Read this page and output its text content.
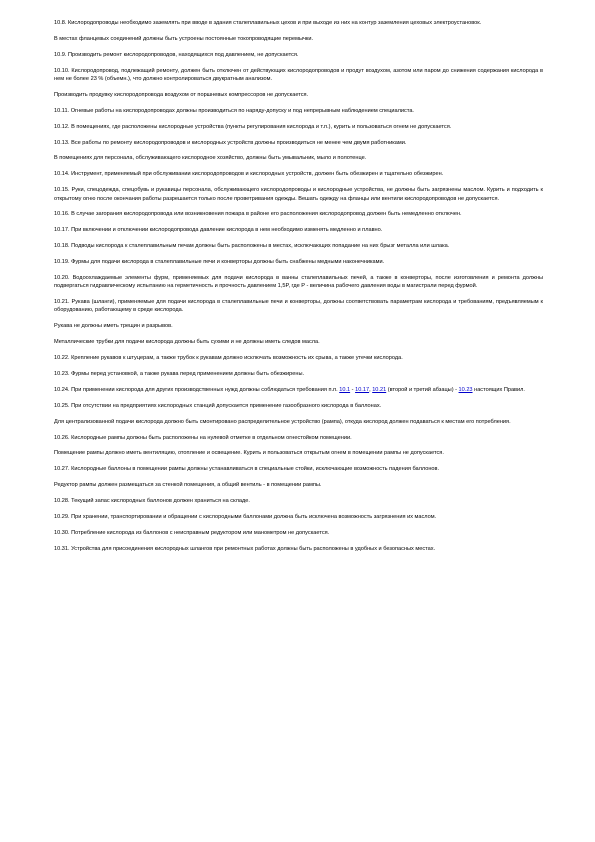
10.8. Кислородопроводы необходимо заземлять при вводе в здания сталеплавильных цехов и при выходе из них на контур заземления цеховых электроустановок.

В местах фланцевых соединений должны быть устроены постоянные токопроводящие перемычки.

10.9. Производить ремонт кислородопроводов, находящихся под давлением, не допускается.

10.10. Кислородопровод, подлежащий ремонту, должен быть отключен от действующих кислородопроводов и продут воздухом, азотом или паром до снижения содержания кислорода в нем не более 23 % (объемн.), что должно контролироваться двукратным анализом.

Производить продувку кислородопровода воздухом от поршневых компрессоров не допускается.

10.11. Огневые работы на кислородопроводах должны производиться по наряду-допуску и под непрерывным наблюдением специалиста.

10.12. В помещениях, где расположены кислородные устройства (пункты регулирования кислорода и т.п.), курить и пользоваться огнем не допускается.

10.13. Все работы по ремонту кислородопроводов и кислородных устройств должны производиться не менее чем двумя работниками.

В помещениях для персонала, обслуживающего кислородное хозяйство, должны быть умывальник, мыло и полотенце.

10.14. Инструмент, применяемый при обслуживании кислородопроводов и кислородных устройств, должен быть обезжирен и тщательно обезжирен.

10.15. Руки, спецодежда, спецобувь и рукавицы персонала, обслуживающего кислородопроводы и кислородные устройства, не должны быть загрязнены маслом. Курить и подходить к открытому огню после окончания работы разрешается только после проветривания одежды. Вешать одежду на фланцы или вентили кислородопроводов не допускается.

10.16. В случае загорания кислородопровода или возникновения пожара в районе его расположения кислородопровод должен быть немедленно отключен.

10.17. При включении и отключении кислородопровода давление кислорода в нем необходимо изменять медленно и плавно.

10.18. Подводы кислорода к сталеплавильным печам должны быть расположены в местах, исключающих попадание на них брызг металла или шлака.

10.19. Фурмы для подачи кислорода в сталеплавильные печи и конверторы должны быть снабжены медными наконечниками.

10.20. Водоохлаждаемые элементы фурм, применяемых для подачи кислорода в ванны сталеплавильных печей, а также в конверторы, после изготовления и ремонта должны подвергаться гидравлическому испытанию на герметичность и прочность давлением 1,5P, где P - величина рабочего давления воды в магистрали перед фурмой.

10.21. Рукава (шланги), применяемые для подачи кислорода в сталеплавильные печи и конверторы, должны соответствовать параметрам кислорода и требованиям, предъявляемым к оборудованию, работающему в среде кислорода.

Рукава не должны иметь трещин и разрывов.

Металлические трубки для подачи кислорода должны быть сухими и не должны иметь следов масла.

10.22. Крепление рукавов к штуцерам, а также трубок к рукавам должно исключать возможность их срыва, а также утечки кислорода.

10.23. Фурмы перед установкой, а также рукава перед применением должны быть обезжирены.

10.24. При применении кислорода для других производственных нужд должны соблюдаться требования п.п. 10.1 - 10.17, 10.21 (второй и третий абзацы) - 10.23 настоящих Правил.

10.25. При отсутствии на предприятиях кислородных станций допускается применение газообразного кислорода в баллонах.

Для централизованной подачи кислорода должно быть смонтировано распределительное устройство (рампа), откуда кислород должен подаваться к местам его потребления.

10.26. Кислородные рампы должны быть расположены на нулевой отметке в отдельном огнестойком помещении.

Помещение рампы должно иметь вентиляцию, отопление и освещение. Курить и пользоваться открытым огнем в помещении рампы не допускается.

10.27. Кислородные баллоны в помещении рампы должны устанавливаться в специальные стойки, исключающие возможность падения баллонов.

Редуктор рампы должен размещаться за стенкой помещения, а общий вентиль - в помещении рампы.

10.28. Текущий запас кислородных баллонов должен храниться на складе.

10.29. При хранении, транспортировании и обращении с кислородными баллонами должна быть исключена возможность загрязнения их маслом.

10.30. Потребление кислорода из баллонов с неисправным редуктором или манометром не допускается.

10.31. Устройства для присоединения кислородных шлангов при ремонтных работах должны быть расположены в удобных и безопасных местах.
